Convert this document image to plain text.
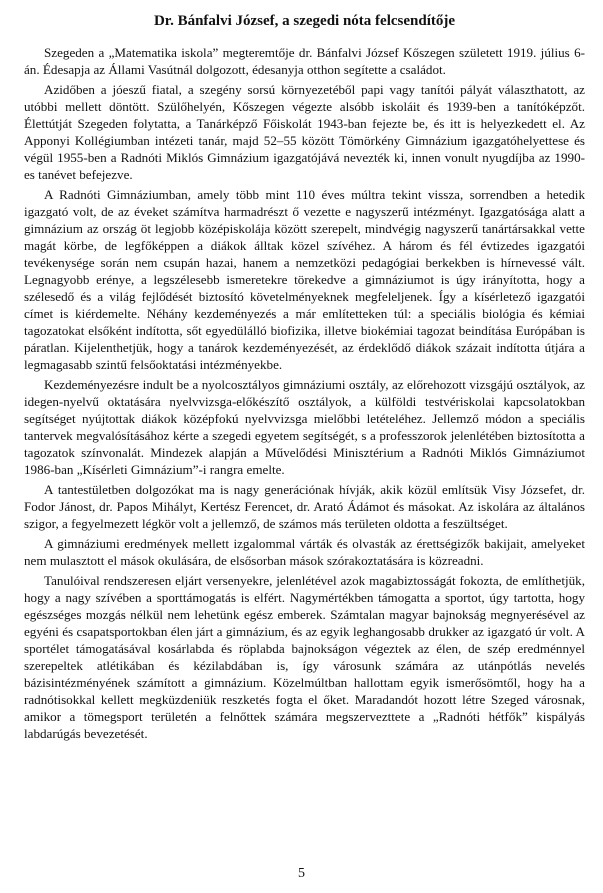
Dr. Bánfalvi József, a szegedi nóta felcsendítője

Szegeden a „Matematika iskola” megteremtője dr. Bánfalvi József Kőszegen született 1919. július 6-án. Édesapja az Állami Vasútnál dolgozott, édesanyja otthon segítette a családot.

Azidőben a jóeszű fiatal, a szegény sorsú környezetéből papi vagy tanítói pályát választhatott, az utóbbi mellett döntött. Szülőhelyén, Kőszegen végezte alsóbb iskoláit és 1939-ben a tanítóképzőt. Élettútját Szegeden folytatta, a Tanárképző Főiskolát 1943-ban fejezte be, és itt is helyezkedett el. Az Apponyi Kollégiumban intézeti tanár, majd 52–55 között Tömörkény Gimnázium igazgatóhelyettese és végül 1955-ben a Radnóti Miklós Gimnázium igazgatójává nevezték ki, innen vonult nyugdíjba az 1990-es tanévet befejezve.

A Radnóti Gimnáziumban, amely több mint 110 éves múltra tekint vissza, sorrendben a hetedik igazgató volt, de az éveket számítva harmadrészt ő vezette e nagyszerű intézményt. Igazgatósága alatt a gimnázium az ország öt legjobb középiskolája között szerepelt, mindvégig nagyszerű tanártársakkal vette magát körbe, de legfőképpen a diákok álltak közel szívéhez. A három és fél évtizedes igazgatói tevékenysége során nem csupán hazai, hanem a nemzetközi pedagógiai berkekben is hírnevessé vált. Legnagyobb erénye, a legszélesebb ismeretekre törekedve a gimnáziumot is úgy irányította, hogy a szélesedő és a világ fejlődését biztosító követelményeknek megfeleljenek. Így a kísérletező igazgatói címet is kiérdemelte. Néhány kezdeményezés a már említetteken túl: a speciális biológia és kémiai tagozatokat elsőként indította, sőt egyedülálló biofizika, illetve biokémiai tagozat beindítása Európában is páratlan. Kijelenthetjük, hogy a tanárok kezdeményezését, az érdeklődő diákok százait indította útjára a legmagasabb szintű felsőoktatási intézményekbe.

Kezdeményezésre indult be a nyolcosztályos gimnáziumi osztály, az előrehozott vizsgájú osztályok, az idegen-nyelvű oktatására nyelvvizsga-előkészítő osztályok, a külföldi testvériskolai kapcsolatokban segítséget nyújtottak diákok középfokú nyelvvizsga mielőbbi letételéhez. Jellemző módon a speciális tantervek megvalósításához kérte a szegedi egyetem segítségét, s a professzorok jelenlétében biztosította a tagozatok színvonalát. Mindezek alapján a Művelődési Minisztérium a Radnóti Miklós Gimnáziumot 1986-ban „Kísérleti Gimnázium”-i rangra emelte.

A tantestületben dolgozókat ma is nagy generációnak hívják, akik közül említsük Visy Józsefet, dr. Fodor Jánost, dr. Papos Mihályt, Kertész Ferencet, dr. Arató Ádámot és másokat. Az iskolára az általános szigor, a fegyelmezett légkör volt a jellemző, de számos más területen oldotta a feszültséget.

A gimnáziumi eredmények mellett izgalommal várták és olvasták az érettségizők bakijait, amelyeket nem mulasztott el mások okulására, de elsősorban mások szórakoztatására is közreadni.

Tanulóival rendszeresen eljárt versenyekre, jelenlétével azok magabiztosságát fokozta, de említhetjük, hogy a nagy szívében a sporttámogatás is elfért. Nagymértékben támogatta a sportot, úgy tartotta, hogy egészséges mozgás nélkül nem lehetünk egész emberek. Számtalan magyar bajnokság megnyerésével az egyéni és csapatsportokban élen járt a gimnázium, és az egyik leghangosabb drukker az igazgató úr volt. A sportélet támogatásával kosárlabda és röplabda bajnokságon végeztek az élen, de szép eredménnyel szerepeltek atlétikában és kézilabdában is, így városunk számára az utánpótlás nevelés bázisintézményének számított a gimnázium. Közelmúltban hallottam egyik ismerősömtől, hogy ha a radnótisokkal kellett megküzdeniük reszketés fogta el őket. Maradandót hozott létre Szeged városnak, amikor a tömegsport területén a felnőttek számára megszervezttete a „Radnóti hétfők” kispályás labdarúgás bevezetését.

5
